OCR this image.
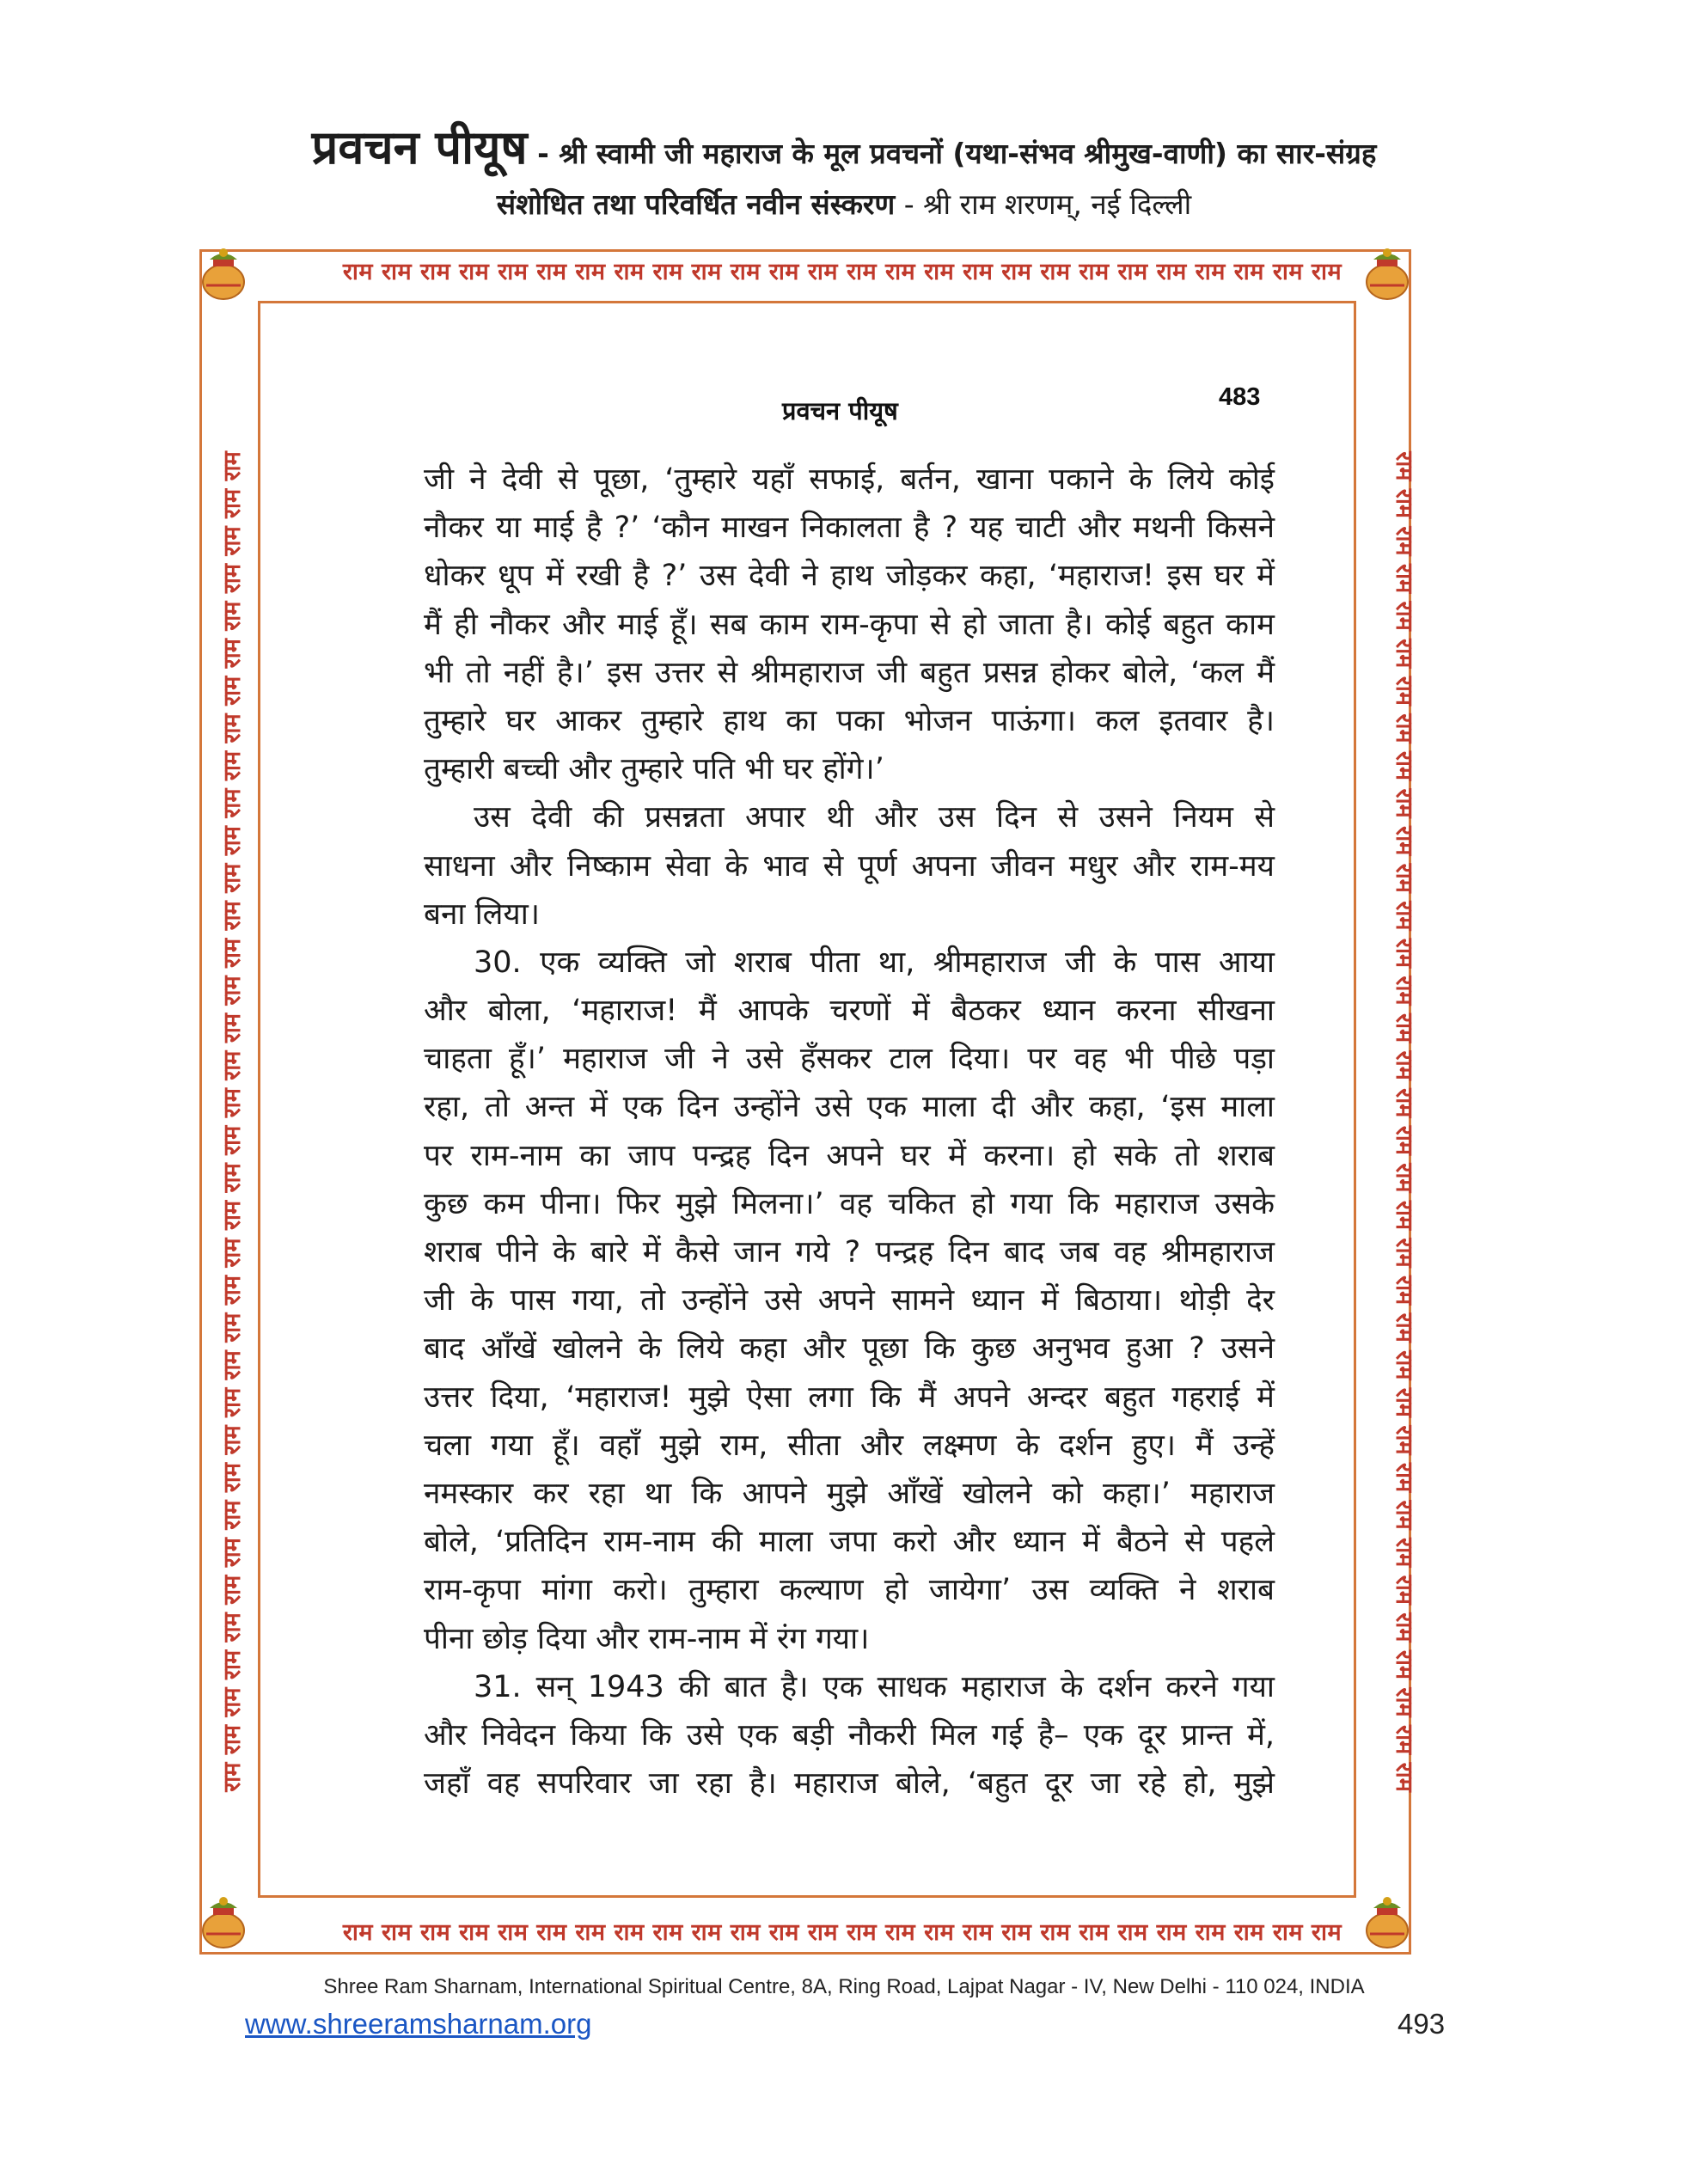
प्रवचन पीयूष - श्री स्वामी जी महाराज के मूल प्रवचनों (यथा-संभव श्रीमुख-वाणी) का सार-संग्रह
संशोधित तथा परिवर्धित नवीन संस्करण - श्री राम शरणम्, नई दिल्ली
राम राम राम राम राम राम राम राम राम राम राम राम राम राम राम राम राम राम राम राम राम राम राम राम राम राम
राम राम राम राम राम राम राम राम राम राम राम राम राम राम राम राम राम राम राम राम राम राम राम राम राम राम
राम राम राम राम राम राम राम राम राम राम राम राम राम राम राम राम राम राम राम राम राम राम राम राम राम राम राम राम राम राम राम राम राम राम राम राम	राम राम राम राम राम राम राम राम राम राम राम राम राम राम राम राम राम राम राम राम राम राम राम राम राम राम राम राम राम राम राम राम राम राम राम राम
प्रवचन पीयूष	483
जी ने देवी से पूछा, ‘तुम्हारे यहाँ सफाई, बर्तन, खाना पकाने के लिये कोई
नौकर या माई है ?’ ‘कौन माखन निकालता है ? यह चाटी और मथनी किसने
धोकर धूप में रखी है ?’ उस देवी ने हाथ जोड़कर कहा, ‘महाराज! इस घर में
मैं ही नौकर और माई हूँ। सब काम राम-कृपा से हो जाता है। कोई बहुत काम
भी तो नहीं है।’ इस उत्तर से श्रीमहाराज जी बहुत प्रसन्न होकर बोले, ‘कल मैं
तुम्हारे घर आकर तुम्हारे हाथ का पका भोजन पाऊंगा। कल इतवार है।
तुम्हारी बच्ची और तुम्हारे पति भी घर होंगे।’
उस देवी की प्रसन्नता अपार थी और उस दिन से उसने नियम से
साधना और निष्काम सेवा के भाव से पूर्ण अपना जीवन मधुर और राम-मय
बना लिया।
30. एक व्यक्ति जो शराब पीता था, श्रीमहाराज जी के पास आया
और बोला, ‘महाराज! मैं आपके चरणों में बैठकर ध्यान करना सीखना
चाहता हूँ।’ महाराज जी ने उसे हँसकर टाल दिया। पर वह भी पीछे पड़ा
रहा, तो अन्त में एक दिन उन्होंने उसे एक माला दी और कहा, ‘इस माला
पर राम-नाम का जाप पन्द्रह दिन अपने घर में करना। हो सके तो शराब
कुछ कम पीना। फिर मुझे मिलना।’ वह चकित हो गया कि महाराज उसके
शराब पीने के बारे में कैसे जान गये ? पन्द्रह दिन बाद जब वह श्रीमहाराज
जी के पास गया, तो उन्होंने उसे अपने सामने ध्यान में बिठाया। थोड़ी देर
बाद आँखें खोलने के लिये कहा और पूछा कि कुछ अनुभव हुआ ? उसने
उत्तर दिया, ‘महाराज! मुझे ऐसा लगा कि मैं अपने अन्दर बहुत गहराई में
चला गया हूँ। वहाँ मुझे राम, सीता और लक्ष्मण के दर्शन हुए। मैं उन्हें
नमस्कार कर रहा था कि आपने मुझे आँखें खोलने को कहा।’ महाराज
बोले, ‘प्रतिदिन राम-नाम की माला जपा करो और ध्यान में बैठने से पहले
राम-कृपा मांगा करो। तुम्हारा कल्याण हो जायेगा’ उस व्यक्ति ने शराब
पीना छोड़ दिया और राम-नाम में रंग गया।
31. सन् 1943 की बात है। एक साधक महाराज के दर्शन करने गया
और निवेदन किया कि उसे एक बड़ी नौकरी मिल गई है– एक दूर प्रान्त में,
जहाँ वह सपरिवार जा रहा है। महाराज बोले, ‘बहुत दूर जा रहे हो, मुझे
Shree Ram Sharnam, International Spiritual Centre, 8A, Ring Road, Lajpat Nagar - IV, New Delhi - 110 024, INDIA
www.shreeramsharnam.org	493
